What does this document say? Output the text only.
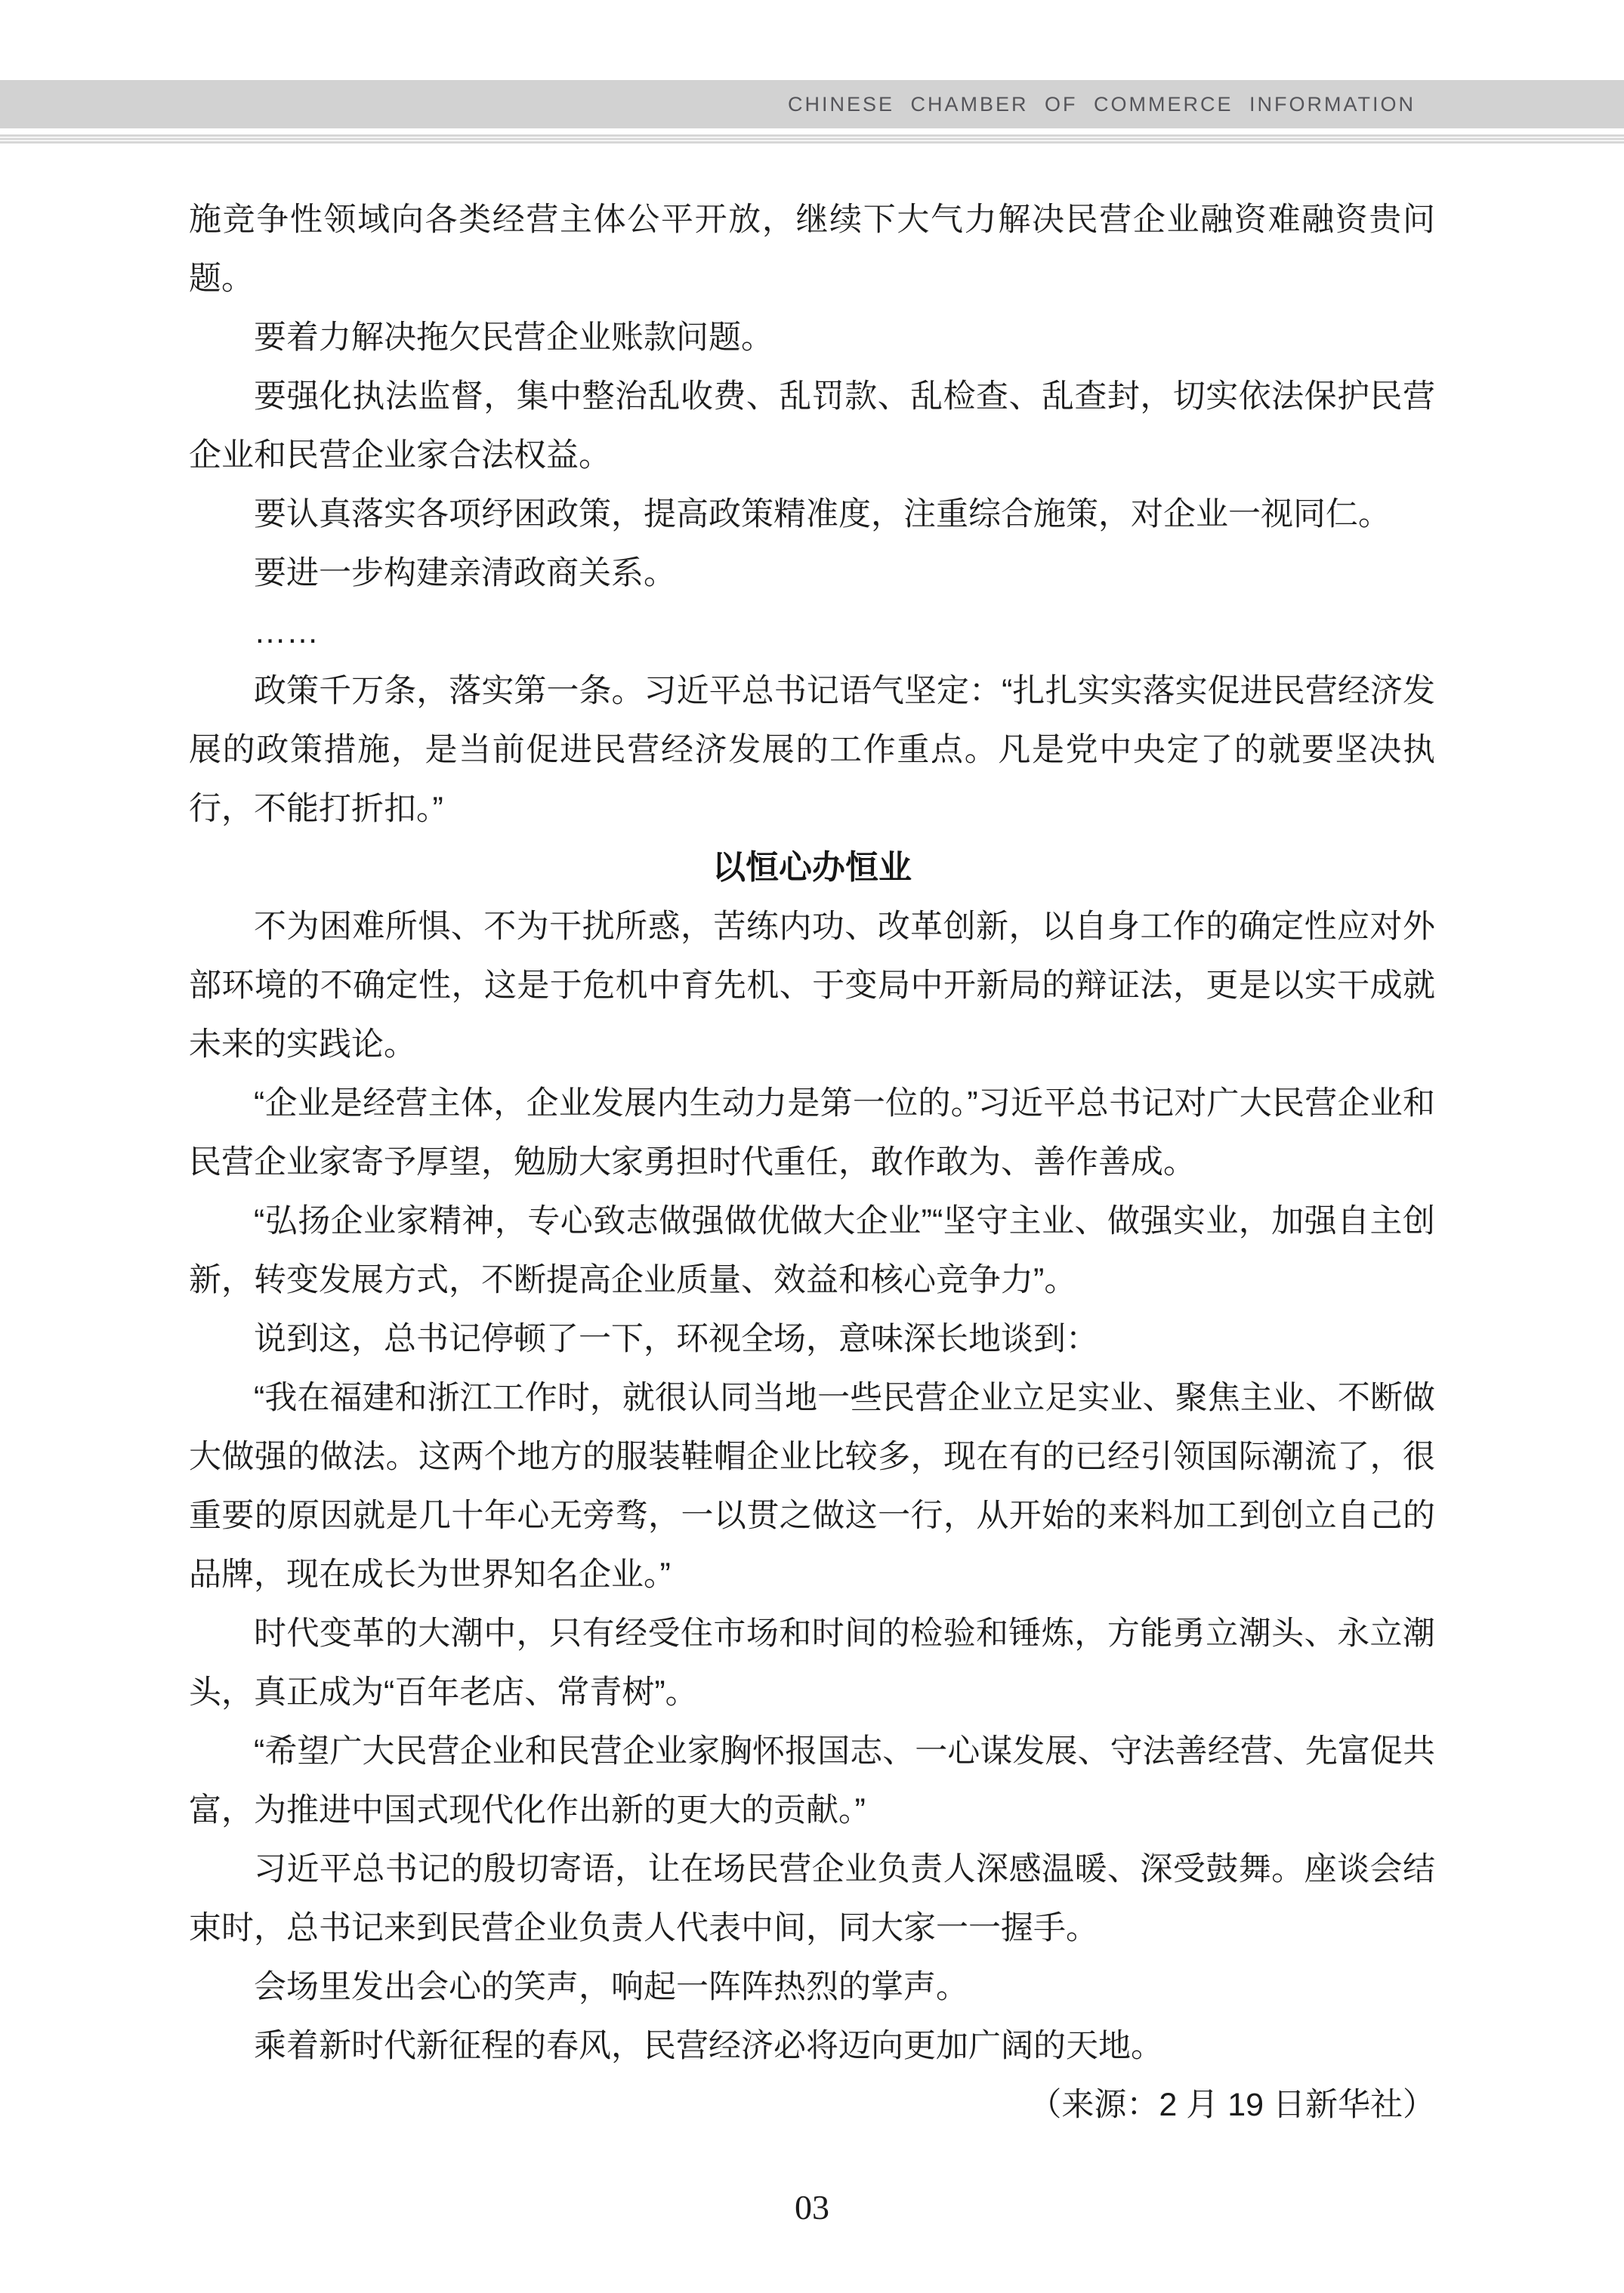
CHINESE CHAMBER OF COMMERCE INFORMATION

施竞争性领域向各类经营主体公平开放，继续下大气力解决民营企业融资难融资贵问题。

要着力解决拖欠民营企业账款问题。

要强化执法监督，集中整治乱收费、乱罚款、乱检查、乱查封，切实依法保护民营企业和民营企业家合法权益。

要认真落实各项纾困政策，提高政策精准度，注重综合施策，对企业一视同仁。

要进一步构建亲清政商关系。

……

政策千万条，落实第一条。习近平总书记语气坚定：“扎扎实实落实促进民营经济发展的政策措施，是当前促进民营经济发展的工作重点。凡是党中央定了的就要坚决执行，不能打折扣。”

以恒心办恒业

不为困难所惧、不为干扰所惑，苦练内功、改革创新，以自身工作的确定性应对外部环境的不确定性，这是于危机中育先机、于变局中开新局的辩证法，更是以实干成就未来的实践论。

“企业是经营主体，企业发展内生动力是第一位的。”习近平总书记对广大民营企业和民营企业家寄予厚望，勉励大家勇担时代重任，敢作敢为、善作善成。

“弘扬企业家精神，专心致志做强做优做大企业”“坚守主业、做强实业，加强自主创新，转变发展方式，不断提高企业质量、效益和核心竞争力”。

说到这，总书记停顿了一下，环视全场，意味深长地谈到：

“我在福建和浙江工作时，就很认同当地一些民营企业立足实业、聚焦主业、不断做大做强的做法。这两个地方的服装鞋帽企业比较多，现在有的已经引领国际潮流了，很重要的原因就是几十年心无旁骛，一以贯之做这一行，从开始的来料加工到创立自己的品牌，现在成长为世界知名企业。”

时代变革的大潮中，只有经受住市场和时间的检验和锤炼，方能勇立潮头、永立潮头，真正成为“百年老店、常青树”。

“希望广大民营企业和民营企业家胸怀报国志、一心谋发展、守法善经营、先富促共富，为推进中国式现代化作出新的更大的贡献。”

习近平总书记的殷切寄语，让在场民营企业负责人深感温暖、深受鼓舞。座谈会结束时，总书记来到民营企业负责人代表中间，同大家一一握手。

会场里发出会心的笑声，响起一阵阵热烈的掌声。

乘着新时代新征程的春风，民营经济必将迈向更加广阔的天地。

（来源：2 月 19 日新华社）

03
